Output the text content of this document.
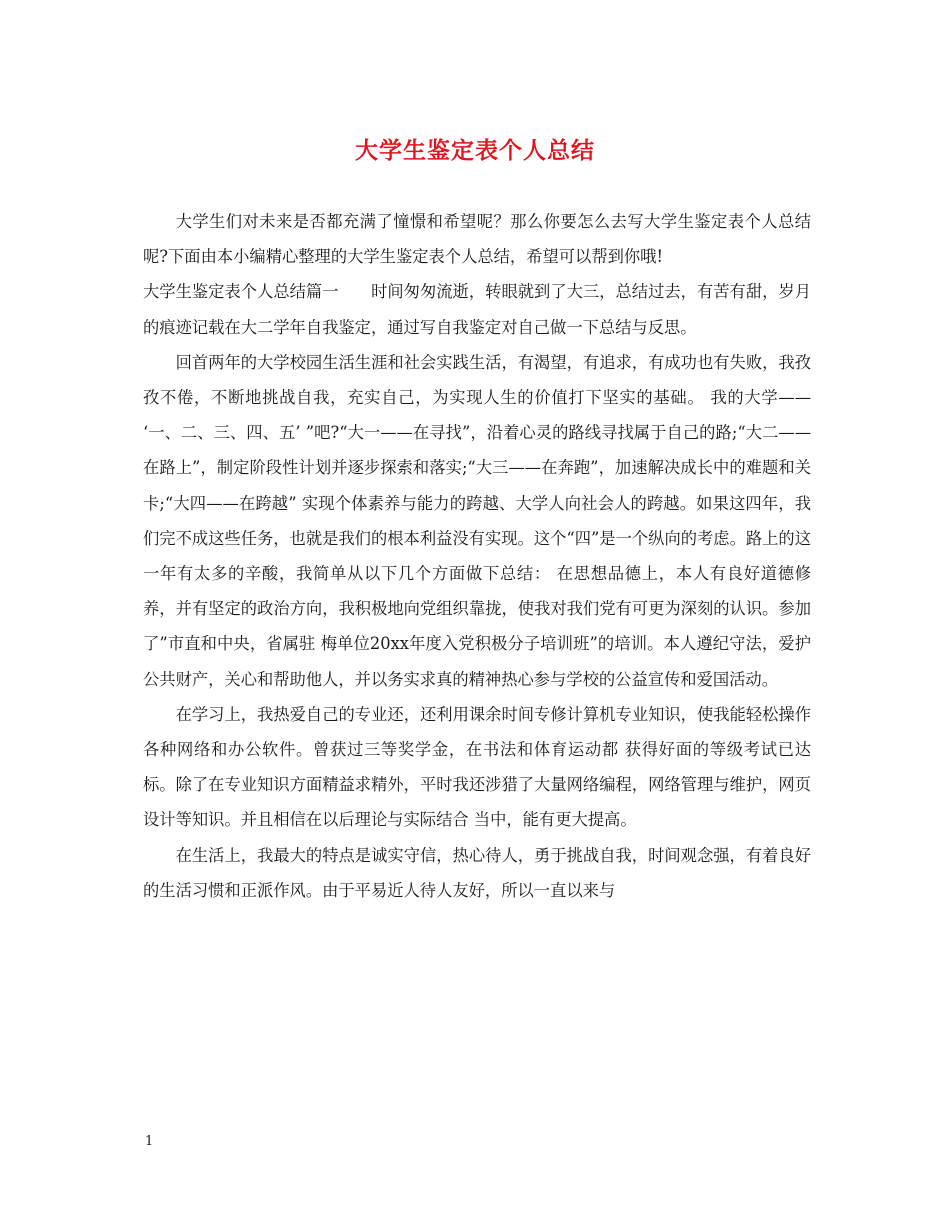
大学生鉴定表个人总结

大学生们对未来是否都充满了憧憬和希望呢？那么你要怎么去写大学生鉴定表个人总结呢?下面由本小编精心整理的大学生鉴定表个人总结，希望可以帮到你哦!

大学生鉴定表个人总结篇一　　时间匆匆流逝，转眼就到了大三，总结过去，有苦有甜，岁月的痕迹记载在大二学年自我鉴定，通过写自我鉴定对自己做一下总结与反思。

回首两年的大学校园生活生涯和社会实践生活，有渴望，有追求，有成功也有失败，我孜孜不倦，不断地挑战自我，充实自己，为实现人生的价值打下坚实的基础。 我的大学—— ‘一、二、三、四、五’ ”吧?“大一——在寻找”，沿着心灵的路线寻找属于自己的路;“大二——在路上”，制定阶段性计划并逐步探索和落实;“大三——在奔跑”，加速解决成长中的难题和关卡;“大四——在跨越” 实现个体素养与能力的跨越、大学人向社会人的跨越。如果这四年，我们完不成这些任务，也就是我们的根本利益没有实现。这个“四”是一个纵向的考虑。路上的这一年有太多的辛酸，我简单从以下几个方面做下总结： 在思想品德上，本人有良好道德修养，并有坚定的政治方向，我积极地向党组织靠拢，使我对我们党有可更为深刻的认识。参加了”市直和中央，省属驻 梅单位20xx年度入党积极分子培训班”的培训。本人遵纪守法，爱护公共财产，关心和帮助他人，并以务实求真的精神热心参与学校的公益宣传和爱国活动。

在学习上，我热爱自己的专业还，还利用课余时间专修计算机专业知识，使我能轻松操作各种网络和办公软件。曾获过三等奖学金，在书法和体育运动都 获得好面的等级考试已达标。除了在专业知识方面精益求精外，平时我还涉猎了大量网络编程，网络管理与维护，网页设计等知识。并且相信在以后理论与实际结合 当中，能有更大提高。

在生活上，我最大的特点是诚实守信，热心待人，勇于挑战自我，时间观念强，有着良好的生活习惯和正派作风。由于平易近人待人友好，所以一直以来与

1
